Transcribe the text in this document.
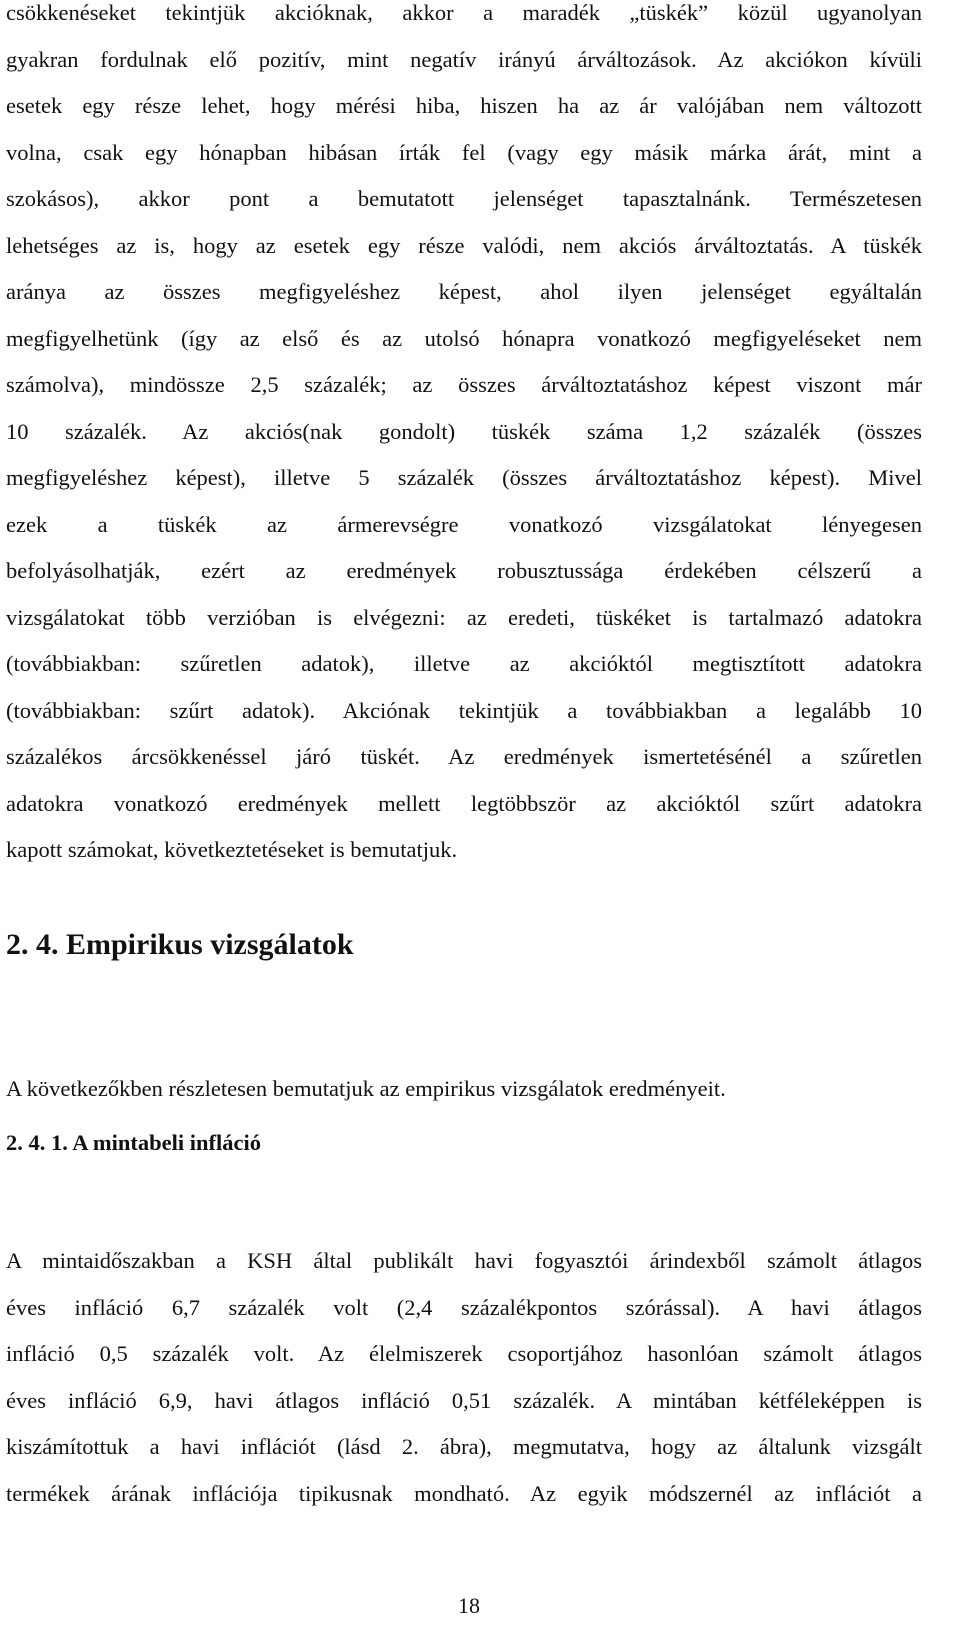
csökkenéseket tekintjük akcióknak, akkor a maradék „tüskék” közül ugyanolyan
gyakran fordulnak elő pozitív, mint negatív irányú árváltozások. Az akciókon kívüli
esetek egy része lehet, hogy mérési hiba, hiszen ha az ár valójában nem változott
volna, csak egy hónapban hibásan írták fel (vagy egy másik márka árát, mint a
szokásos), akkor pont a bemutatott jelenséget tapasztalnánk. Természetesen
lehetséges az is, hogy az esetek egy része valódi, nem akciós árváltoztatás. A tüskék
aránya az összes megfigyeléshez képest, ahol ilyen jelenséget egyáltalán
megfigyelhetünk (így az első és az utolsó hónapra vonatkozó megfigyeléseket nem
számolva), mindössze 2,5 százalék; az összes árváltoztatáshoz képest viszont már
10 százalék. Az akciós(nak gondolt) tüskék száma 1,2 százalék (összes
megfigyeléshez képest), illetve 5 százalék (összes árváltoztatáshoz képest). Mivel
ezek a tüskék az ármerevségre vonatkozó vizsgálatokat lényegesen
befolyásolhatják, ezért az eredmények robusztussága érdekében célszerű a
vizsgálatokat több verzióban is elvégezni: az eredeti, tüskéket is tartalmazó adatokra
(továbbiakban: szűretlen adatok), illetve az akcióktól megtisztított adatokra
(továbbiakban: szűrt adatok). Akciónak tekintjük a továbbiakban a legalább 10
százalékos árcsökkenéssel járó tüskét. Az eredmények ismertetésénél a szűretlen
adatokra vonatkozó eredmények mellett legtöbbször az akcióktól szűrt adatokra
kapott számokat, következtetéseket is bemutatjuk.
2. 4. Empirikus vizsgálatok
A következőkben részletesen bemutatjuk az empirikus vizsgálatok eredményeit.
2. 4. 1. A mintabeli infláció
A mintaidőszakban a KSH által publikált havi fogyasztói árindexből számolt átlagos
éves infláció 6,7 százalék volt (2,4 százalékpontos szórással). A havi átlagos
infláció 0,5 százalék volt. Az élelmiszerek csoportjához hasonlóan számolt átlagos
éves infláció 6,9, havi átlagos infláció 0,51 százalék. A mintában kétféleképpen is
kiszámítottuk a havi inflációt (lásd 2. ábra), megmutatva, hogy az általunk vizsgált
termékek árának inflációja tipikusnak mondható. Az egyik módszernél az inflációt a
18
